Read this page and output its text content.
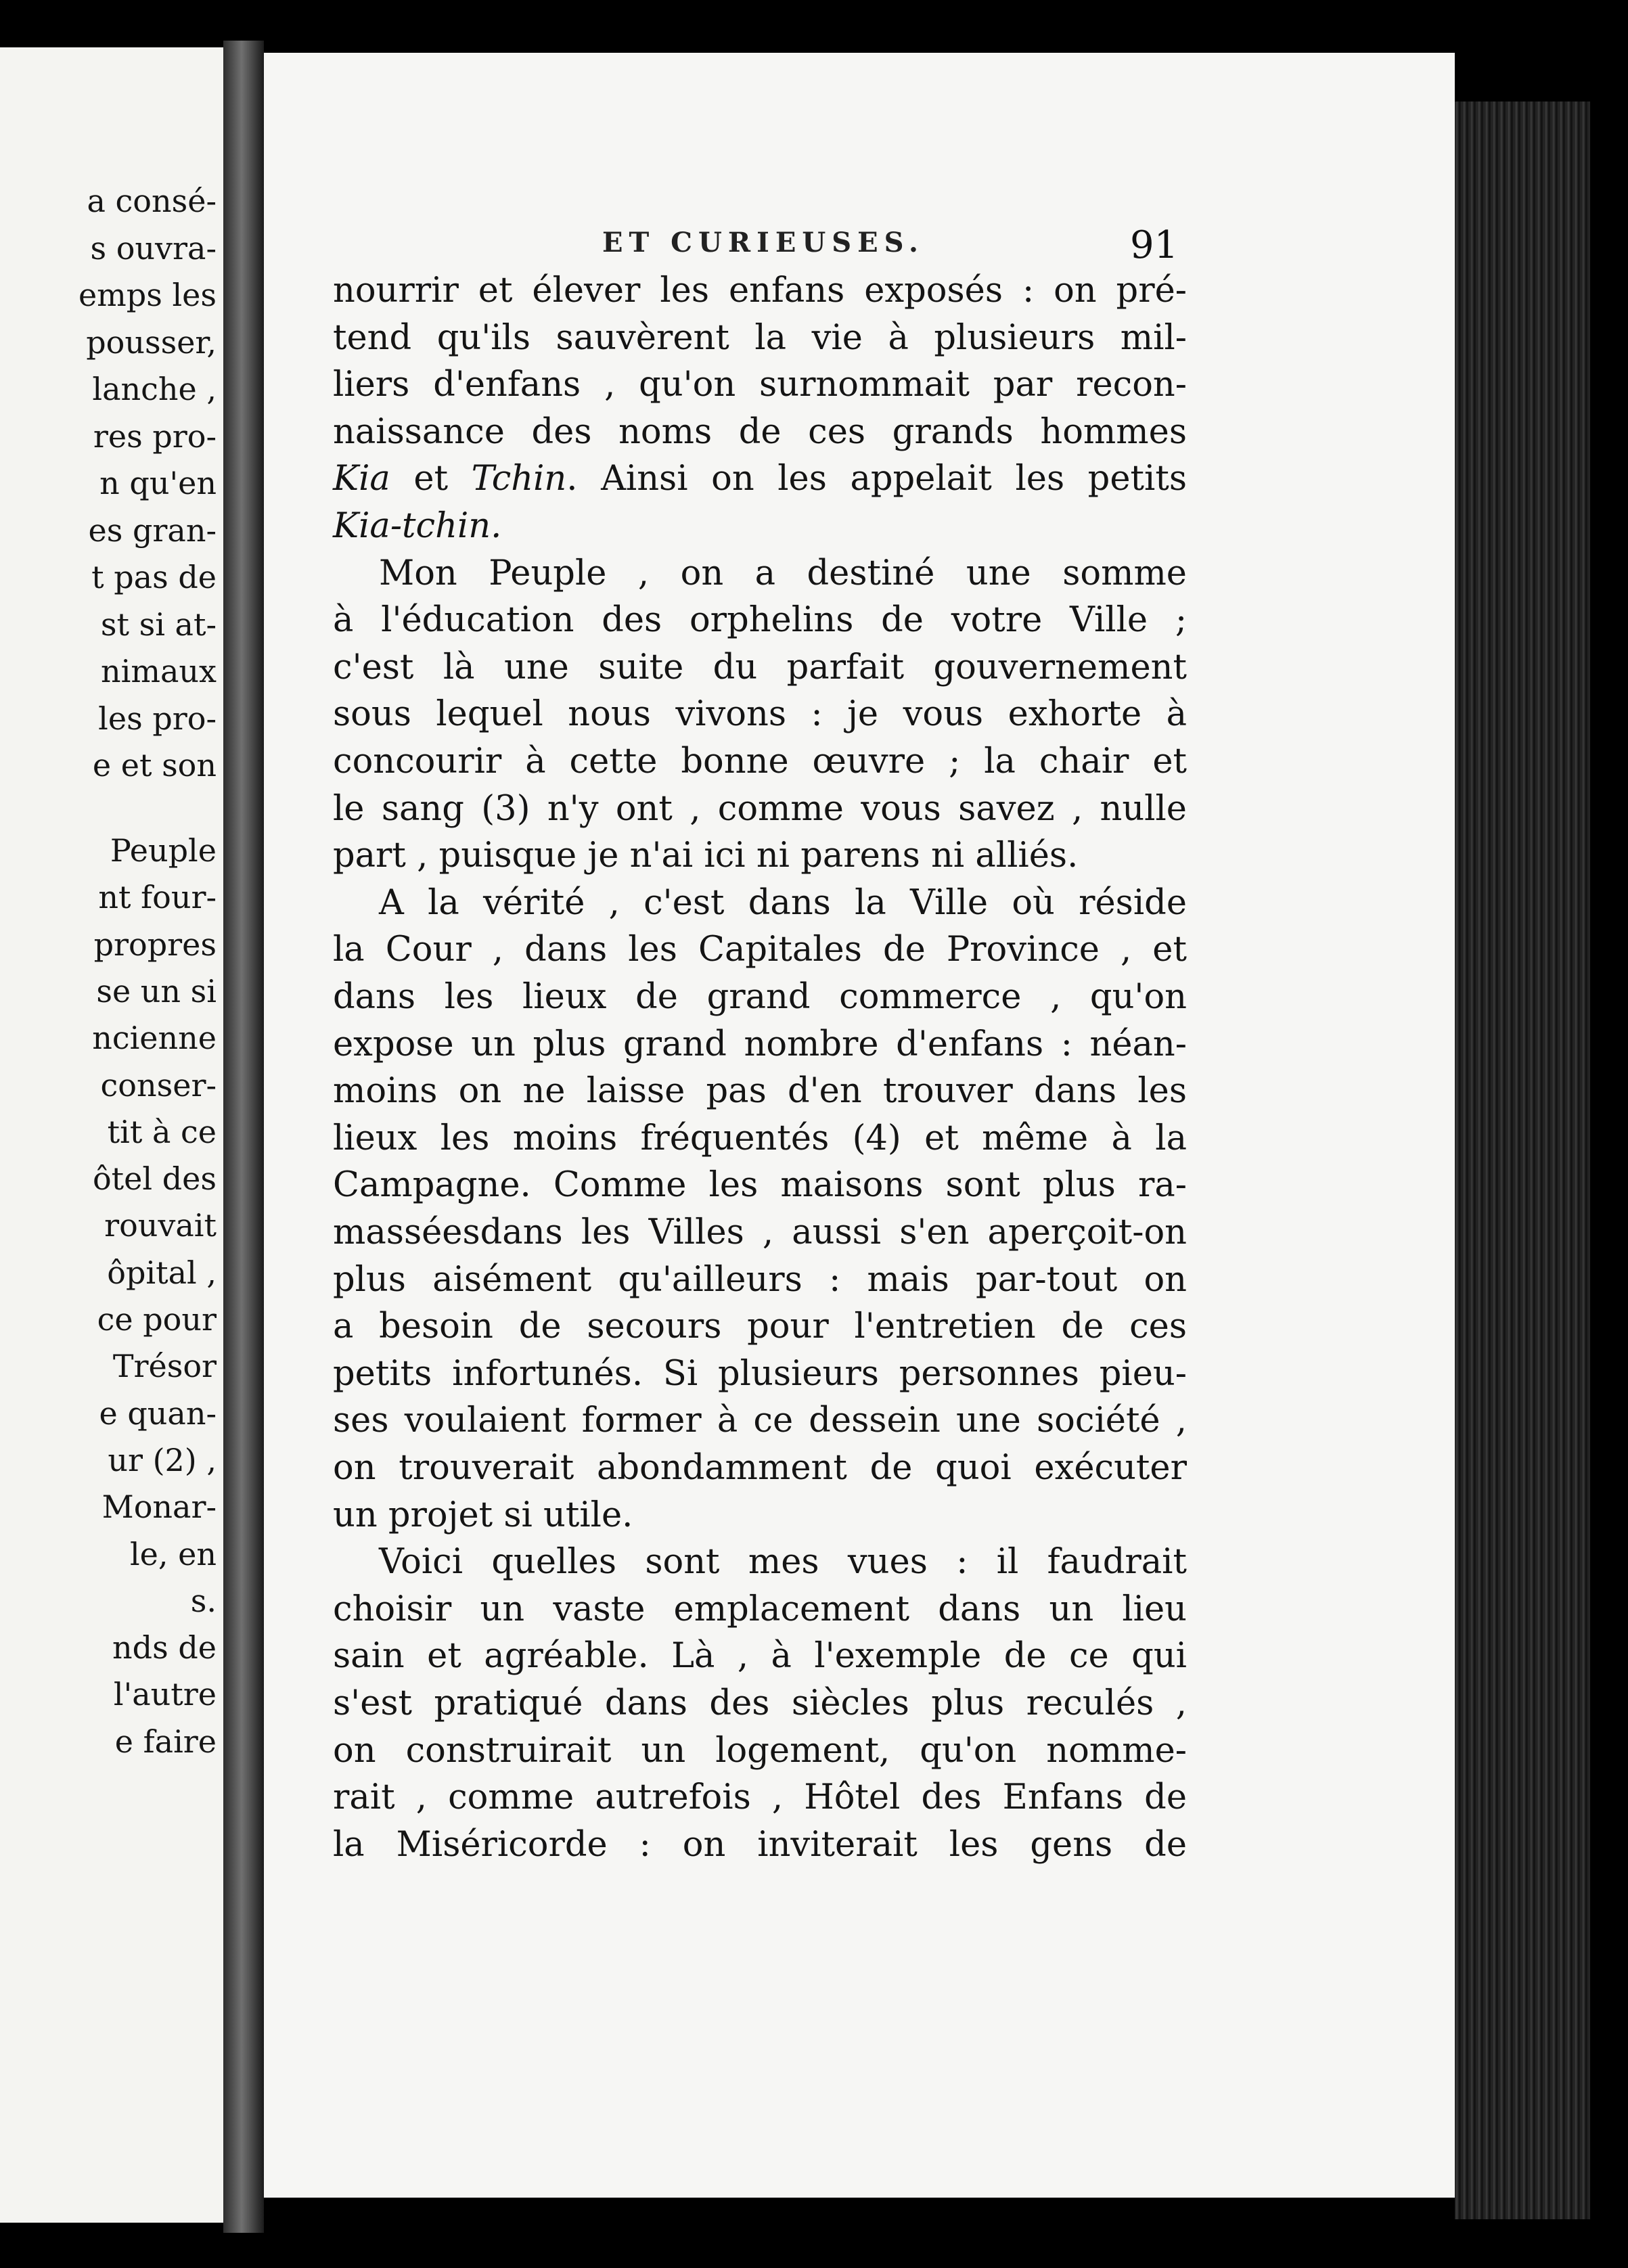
a consé-
s ouvra-
emps les
pousser,
lanche ,
res pro-
n qu'en
es gran-
t pas de
st si at-
nimaux
les pro-
e et son
Peuple
nt four-
propres
se un si
ncienne
conser-
tit à ce
ôtel des
rouvait
ôpital ,
ce pour
Trésor
e quan-
ur (2) ,
Monar-
le, en
s.
nds de
l'autre
e faire
ET CURIEUSES.	91
nourrir et élever les enfans exposés : on pré-
tend qu'ils sauvèrent la vie à plusieurs mil-
liers d'enfans , qu'on surnommait par recon-
naissance des noms de ces grands hommes
Kia et Tchin. Ainsi on les appelait les petits
Kia-tchin.
Mon Peuple , on a destiné une somme
à l'éducation des orphelins de votre Ville ;
c'est là une suite du parfait gouvernement
sous lequel nous vivons : je vous exhorte à
concourir à cette bonne œuvre ; la chair et
le sang (3) n'y ont , comme vous savez , nulle
part , puisque je n'ai ici ni parens ni alliés.
A la vérité , c'est dans la Ville où réside
la Cour , dans les Capitales de Province , et
dans les lieux de grand commerce , qu'on
expose un plus grand nombre d'enfans : néan-
moins on ne laisse pas d'en trouver dans les
lieux les moins fréquentés (4) et même à la
Campagne. Comme les maisons sont plus ra-
masséesdans les Villes , aussi s'en aperçoit-on
plus aisément qu'ailleurs : mais par-tout on
a besoin de secours pour l'entretien de ces
petits infortunés. Si plusieurs personnes pieu-
ses voulaient former à ce dessein une société ,
on trouverait abondamment de quoi exécuter
un projet si utile.
Voici quelles sont mes vues : il faudrait
choisir un vaste emplacement dans un lieu
sain et agréable. Là , à l'exemple de ce qui
s'est pratiqué dans des siècles plus reculés ,
on construirait un logement, qu'on nomme-
rait , comme autrefois , Hôtel des Enfans de
la Miséricorde : on inviterait les gens de
